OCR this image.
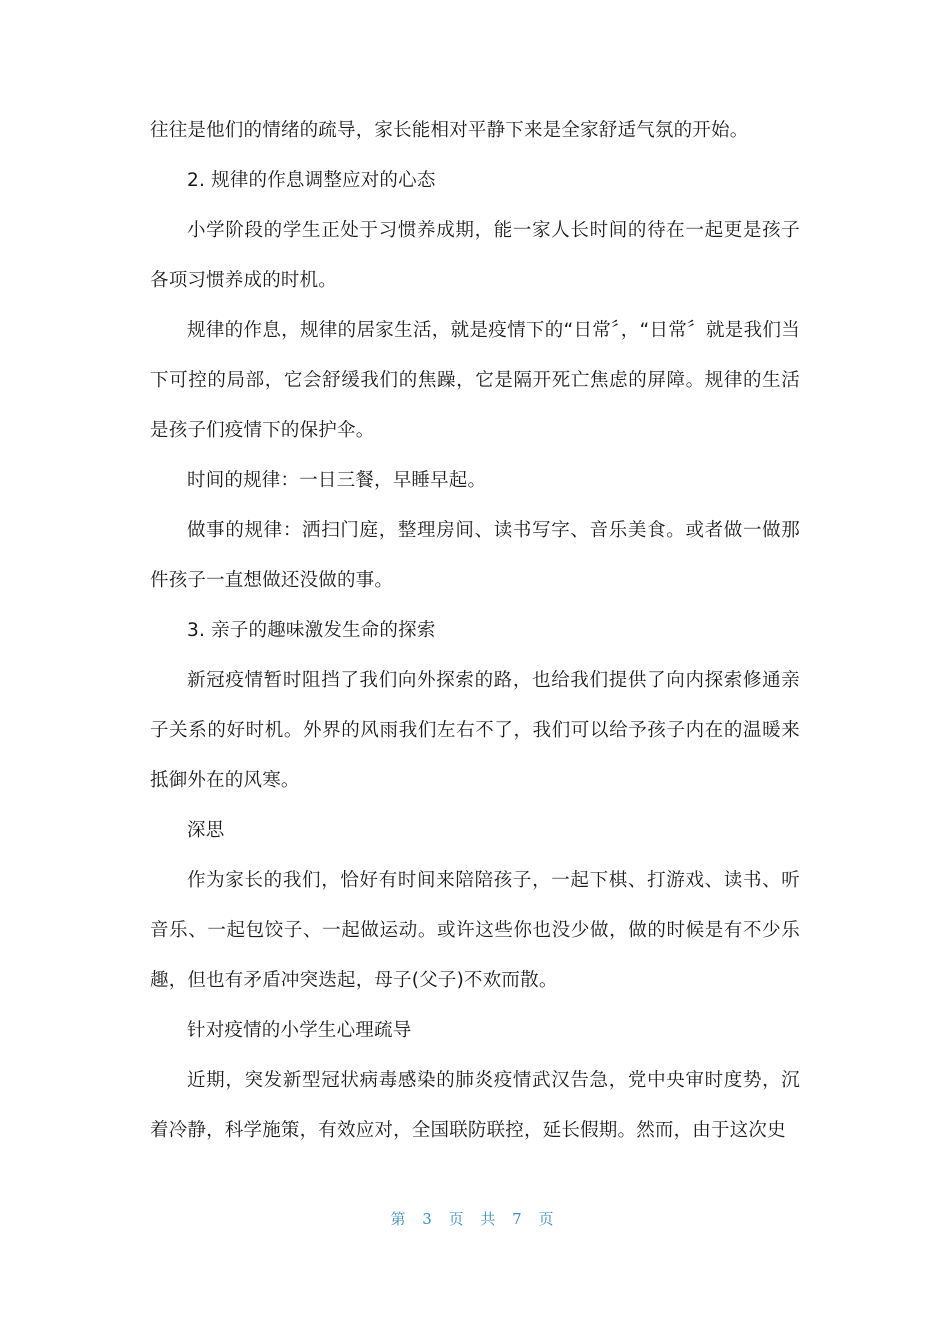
往往是他们的情绪的疏导，家长能相对平静下来是全家舒适气氛的开始。

2. 规律的作息调整应对的心态

小学阶段的学生正处于习惯养成期，能一家人长时间的待在一起更是孩子各项习惯养成的时机。

规律的作息，规律的居家生活，就是疫情下的“日常〞，“日常〞就是我们当下可控的局部，它会舒缓我们的焦躁，它是隔开死亡焦虑的屏障。规律的生活是孩子们疫情下的保护伞。

时间的规律：一日三餐，早睡早起。

做事的规律：洒扫门庭，整理房间、读书写字、音乐美食。或者做一做那件孩子一直想做还没做的事。

3. 亲子的趣味激发生命的探索

新冠疫情暂时阻挡了我们向外探索的路，也给我们提供了向内探索修通亲子关系的好时机。外界的风雨我们左右不了，我们可以给予孩子内在的温暖来抵御外在的风寒。

深思

作为家长的我们，恰好有时间来陪陪孩子，一起下棋、打游戏、读书、听音乐、一起包饺子、一起做运动。或许这些你也没少做，做的时候是有不少乐趣，但也有矛盾冲突迭起，母子(父子)不欢而散。

针对疫情的小学生心理疏导

近期，突发新型冠状病毒感染的肺炎疫情武汉告急，党中央审时度势，沉着冷静，科学施策，有效应对，全国联防联控，延长假期。然而，由于这次史

第 3 页 共 7 页
